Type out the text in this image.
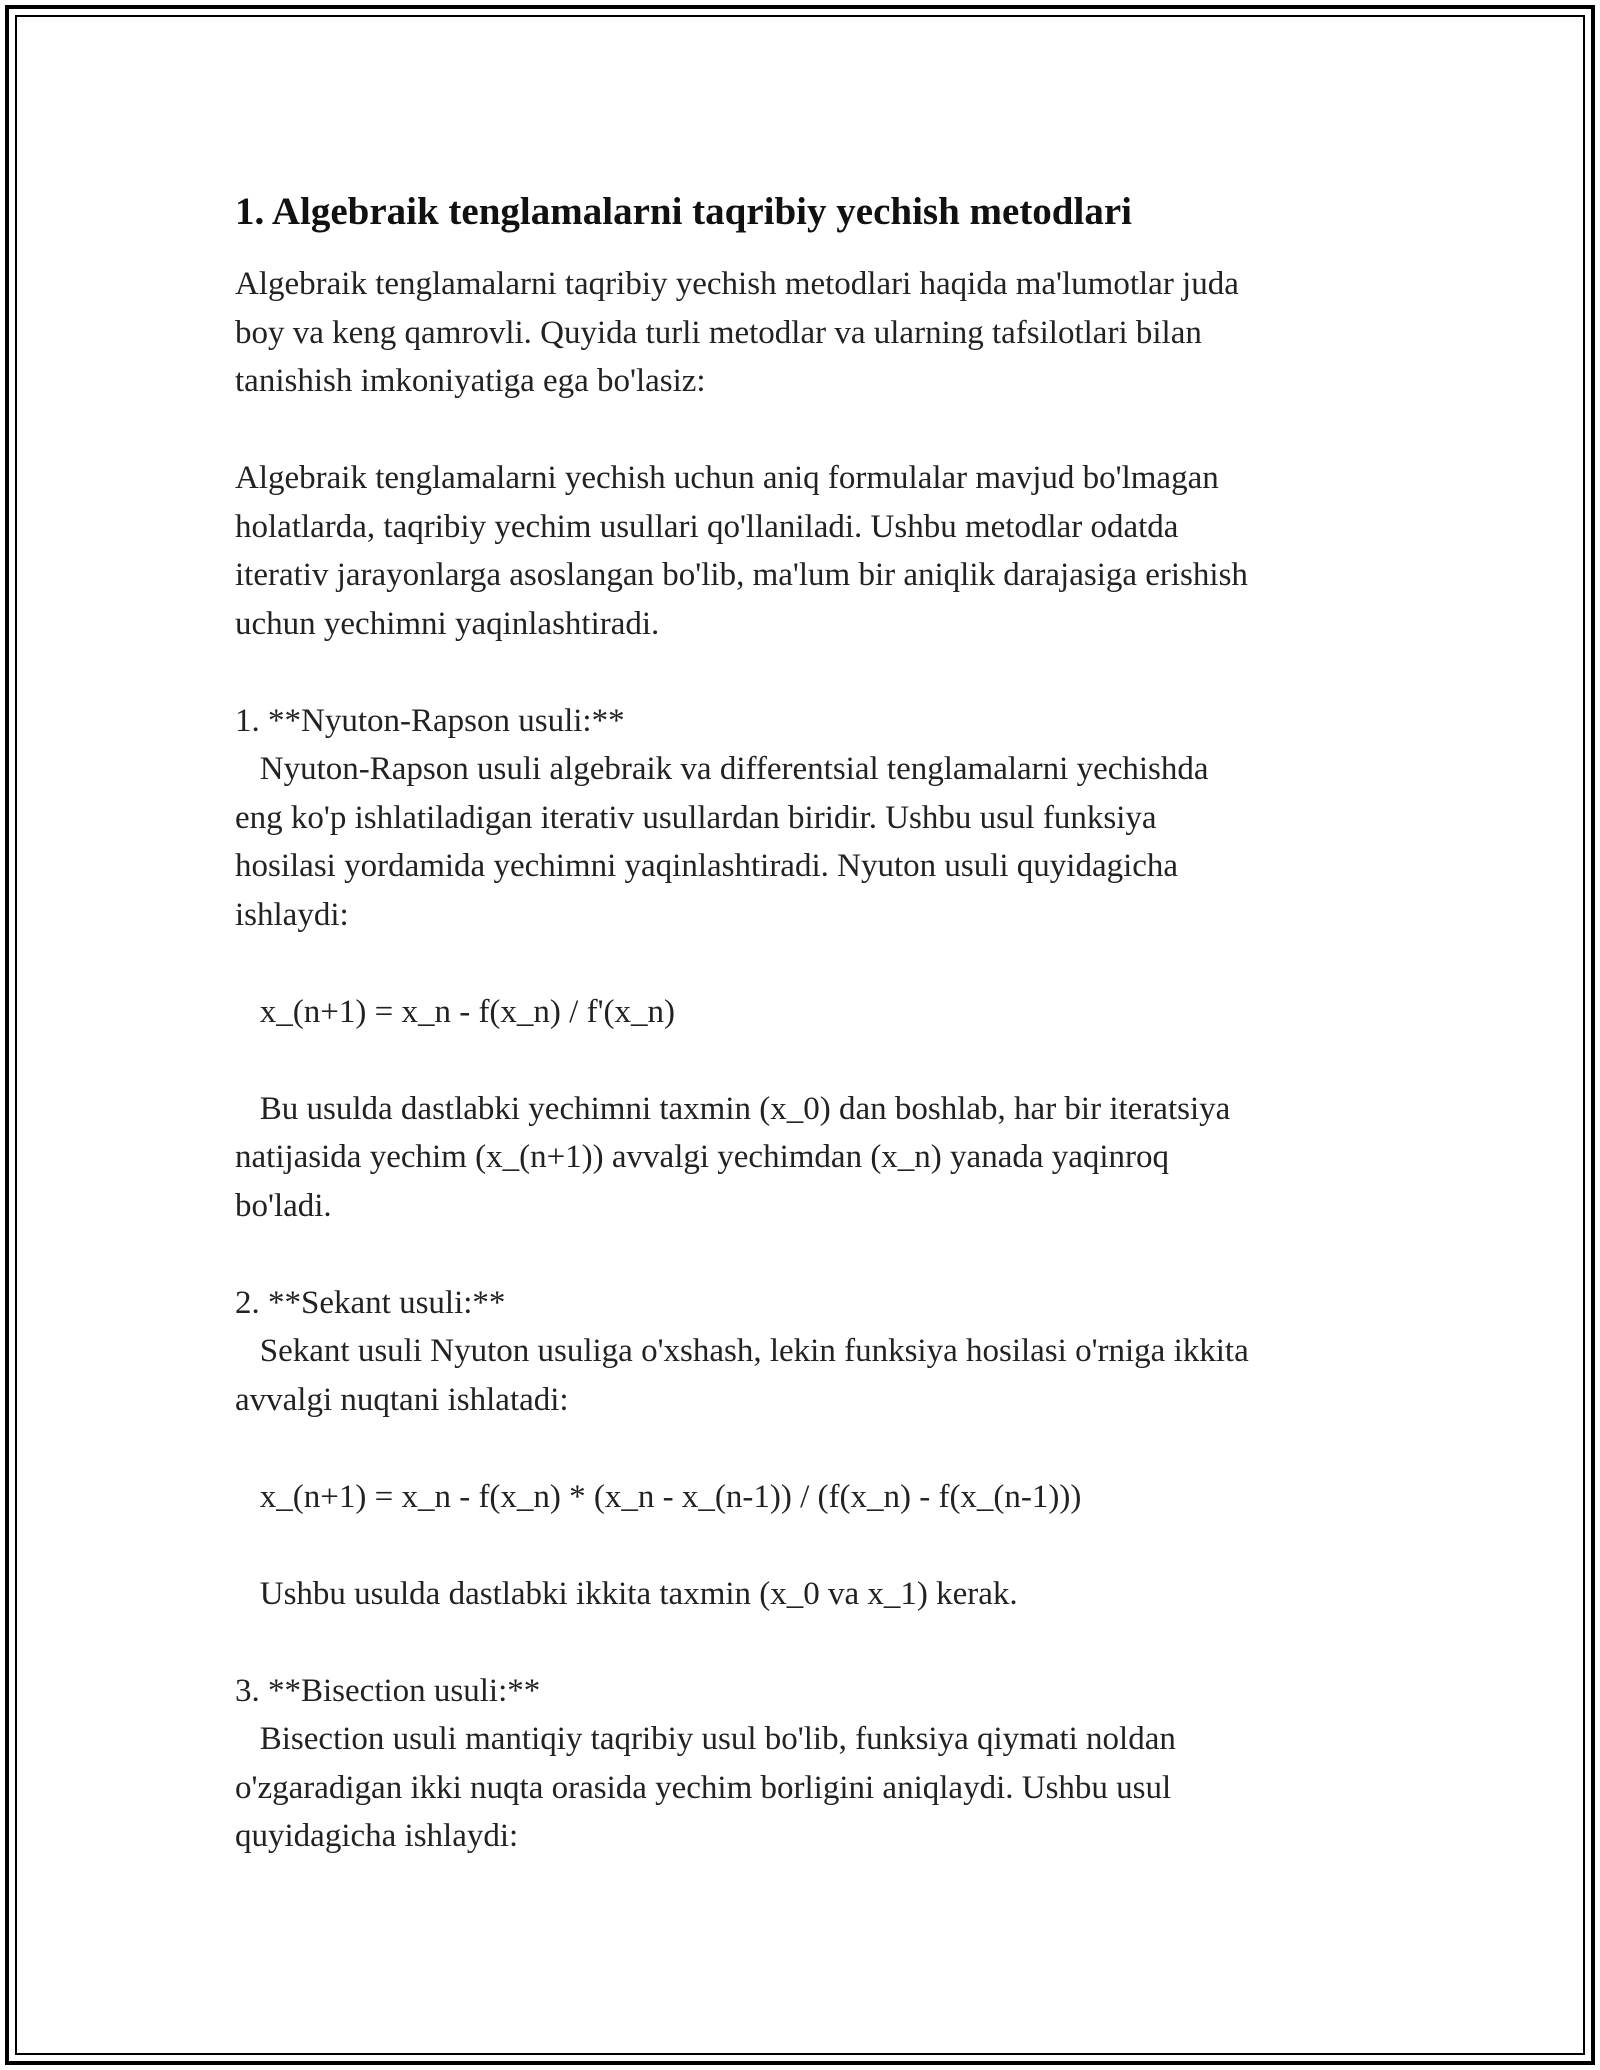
1. Algebraik tenglamalarni taqribiy yechish metodlari

Algebraik tenglamalarni taqribiy yechish metodlari haqida ma'lumotlar juda
boy va keng qamrovli. Quyida turli metodlar va ularning tafsilotlari bilan
tanishish imkoniyatiga ega bo'lasiz:

Algebraik tenglamalarni yechish uchun aniq formulalar mavjud bo'lmagan
holatlarda, taqribiy yechim usullari qo'llaniladi. Ushbu metodlar odatda
iterativ jarayonlarga asoslangan bo'lib, ma'lum bir aniqlik darajasiga erishish
uchun yechimni yaqinlashtiradi.

1. **Nyuton-Rapson usuli:**
Nyuton-Rapson usuli algebraik va differentsial tenglamalarni yechishda
eng ko'p ishlatiladigan iterativ usullardan biridir. Ushbu usul funksiya
hosilasi yordamida yechimni yaqinlashtiradi. Nyuton usuli quyidagicha
ishlaydi:

x_(n+1) = x_n - f(x_n) / f'(x_n)

Bu usulda dastlabki yechimni taxmin (x_0) dan boshlab, har bir iteratsiya
natijasida yechim (x_(n+1)) avvalgi yechimdan (x_n) yanada yaqinroq
bo'ladi.

2. **Sekant usuli:**
Sekant usuli Nyuton usuliga o'xshash, lekin funksiya hosilasi o'rniga ikkita
avvalgi nuqtani ishlatadi:

x_(n+1) = x_n - f(x_n) * (x_n - x_(n-1)) / (f(x_n) - f(x_(n-1)))

Ushbu usulda dastlabki ikkita taxmin (x_0 va x_1) kerak.

3. **Bisection usuli:**
Bisection usuli mantiqiy taqribiy usul bo'lib, funksiya qiymati noldan
o'zgaradigan ikki nuqta orasida yechim borligini aniqlaydi. Ushbu usul
quyidagicha ishlaydi:
